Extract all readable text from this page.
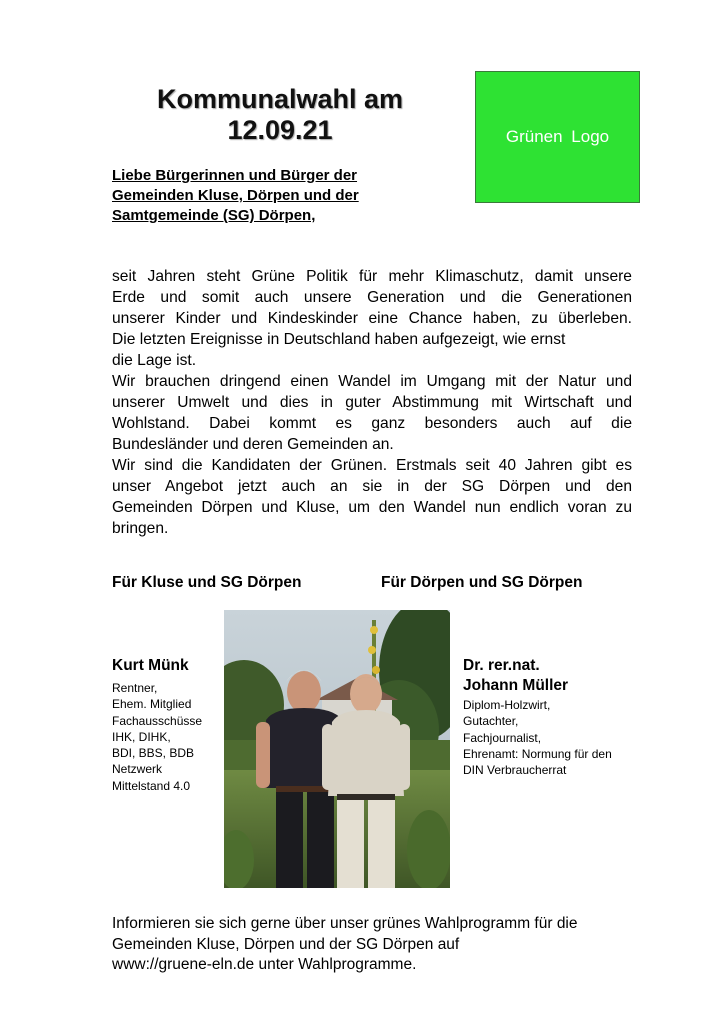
Kommunalwahl am
12.09.21	Grünen Logo
Liebe Bürgerinnen und Bürger der
Gemeinden Kluse, Dörpen und der
Samtgemeinde (SG) Dörpen,
seit Jahren steht Grüne Politik für mehr Klimaschutz, damit unsere
Erde und somit auch unsere Generation und die Generationen
unserer Kinder und Kindeskinder eine Chance haben, zu überleben.
Die letzten Ereignisse in Deutschland haben aufgezeigt, wie ernst
die Lage ist.
Wir brauchen dringend einen Wandel im Umgang mit der Natur und
unserer Umwelt und dies in guter Abstimmung mit Wirtschaft und
Wohlstand. Dabei kommt es ganz besonders auch auf die
Bundesländer und deren Gemeinden an.
Wir sind die Kandidaten der Grünen. Erstmals seit 40 Jahren gibt es
unser Angebot jetzt auch an sie in der SG Dörpen und den
Gemeinden Dörpen und Kluse, um den Wandel nun endlich voran zu
bringen.
Für Kluse und SG Dörpen	Für Dörpen und SG Dörpen
Kurt Münk
Rentner,
Ehem. Mitglied
Fachausschüsse
IHK, DIHK,
BDI, BBS, BDB
Netzwerk
Mittelstand 4.0
Dr. rer.nat.
Johann Müller
Diplom-Holzwirt,
Gutachter,
Fachjournalist,
Ehrenamt: Normung für den
DIN Verbraucherrat
Informieren sie sich gerne über unser grünes Wahlprogramm für die
Gemeinden Kluse, Dörpen und der SG Dörpen auf
www://gruene-eln.de unter Wahlprogramme.
